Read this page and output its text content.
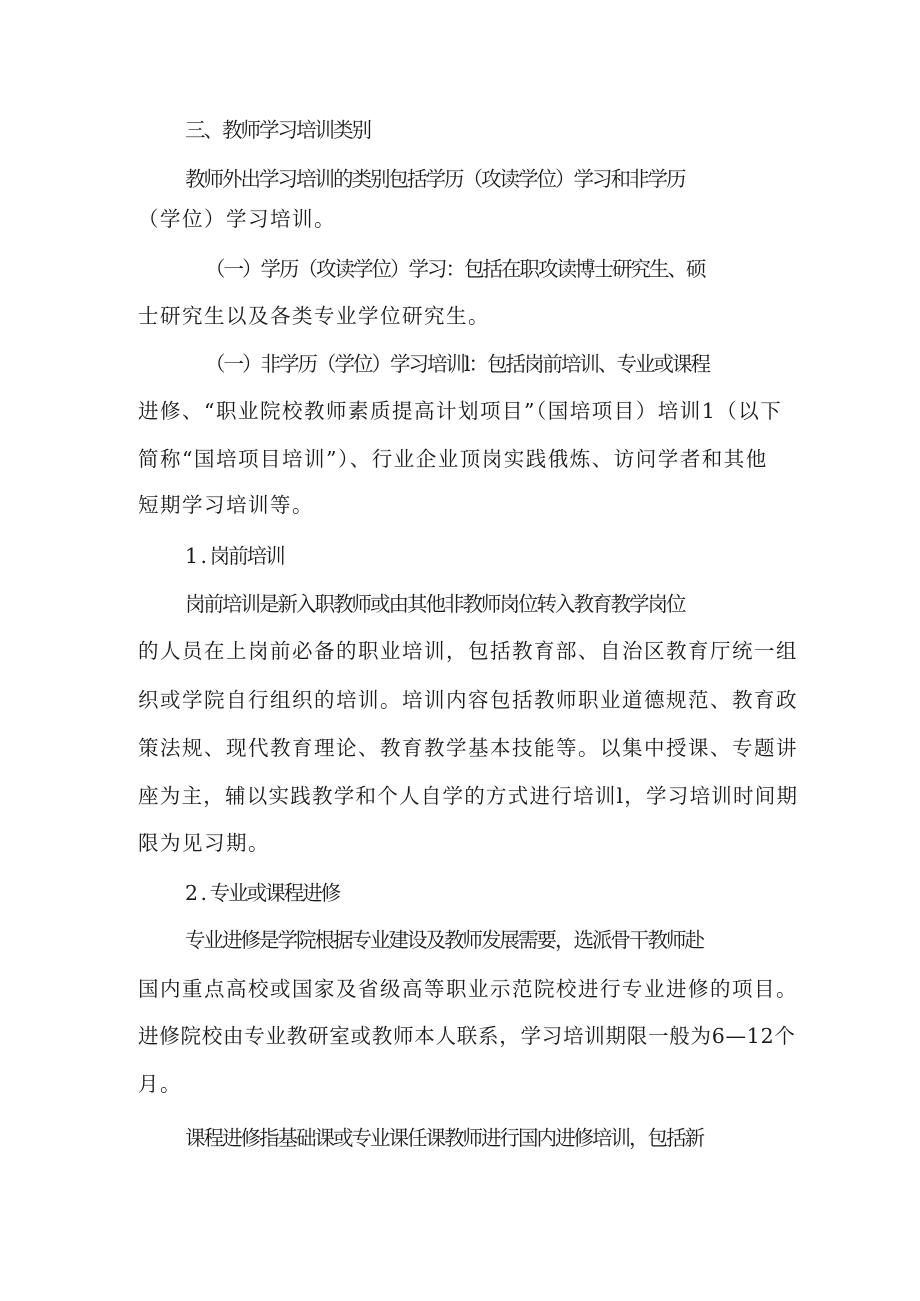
三、教师学习培训类别
教师外出学习培训的类别包括学历（攻读学位）学习和非学历
（学位）学习培训。
（一）学历（攻读学位）学习：包括在职攻读博士研究生、硕
士研究生以及各类专业学位研究生。
（一）非学历（学位）学习培训l：包括岗前培训、专业或课程
进修、“职业院校教师素质提高计划项目”（国培项目）培训1（以下
简称“国培项目培训”）、行业企业顶岗实践俄炼、访问学者和其他
短期学习培训等。
1 . 岗前培训
岗前培训是新入职教师或由其他非教师岗位转入教育教学岗位
的人员在上岗前必备的职业培训，包括教育部、自治区教育厅统一组
织或学院自行组织的培训。培训内容包括教师职业道德规范、教育政
策法规、现代教育理论、教育教学基本技能等。以集中授课、专题讲
座为主，辅以实践教学和个人自学的方式进行培训l，学习培训时间期
限为见习期。
2 . 专业或课程进修
专业进修是学院根据专业建设及教师发展需要，选派骨干教师赴
国内重点高校或国家及省级高等职业示范院校进行专业进修的项目。
进修院校由专业教研室或教师本人联系，学习培训期限一般为6—12个
月。
课程进修指基础课或专业课任课教师进行国内进修培训，包括新
